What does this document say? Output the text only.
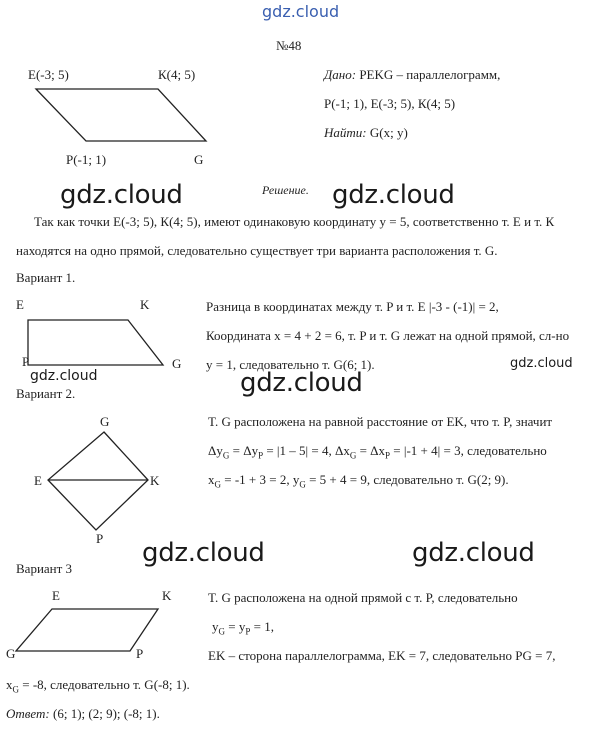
gdz.cloud
№48
E(-3; 5)	К(4; 5)
P(-1; 1)	G
Дано: PEKG – параллелограмм,
P(-1; 1), E(-3; 5), К(4; 5)
Найти: G(x; y)
gdz.cloud	Решение. gdz.cloud
Так как точки E(-3; 5), К(4; 5), имеют одинаковую координату y = 5, соответственно т. E и т. К
находятся на одно прямой, следовательно существует три варианта расположения т. G.
Вариант 1.
E	K
P	G
Разница в координатах между т. P и т. E |-3 - (-1)| = 2,
Координата x = 4 + 2 = 6, т. P и т. G лежат на одной прямой, сл-но
y = 1, следовательно т. G(6; 1).	gdz.cloud
gdz.cloud	gdz.cloud
Вариант 2.
G
E	K
P
T. G расположена на равной расстояние от EK, что т. P, значит
$\Delta y_G = \Delta y_P = |1 - 5| = 4$, $\Delta x_G = \Delta x_P = |-1 + 4| = 3$, следовательно
$x_G = -1 + 3 = 2$, $y_G = 5 + 4 = 9$, следовательно т. G(2; 9).
gdz.cloud	gdz.cloud
Вариант 3
E	K
G	P
T. G расположена на одной прямой с т. P, следовательно
$y_G = y_P = 1$,
EK – сторона параллелограмма, EK = 7, следовательно PG = 7,
$x_G = -8$, следовательно т. G(-8; 1).
Ответ: (6; 1); (2; 9); (-8; 1).
